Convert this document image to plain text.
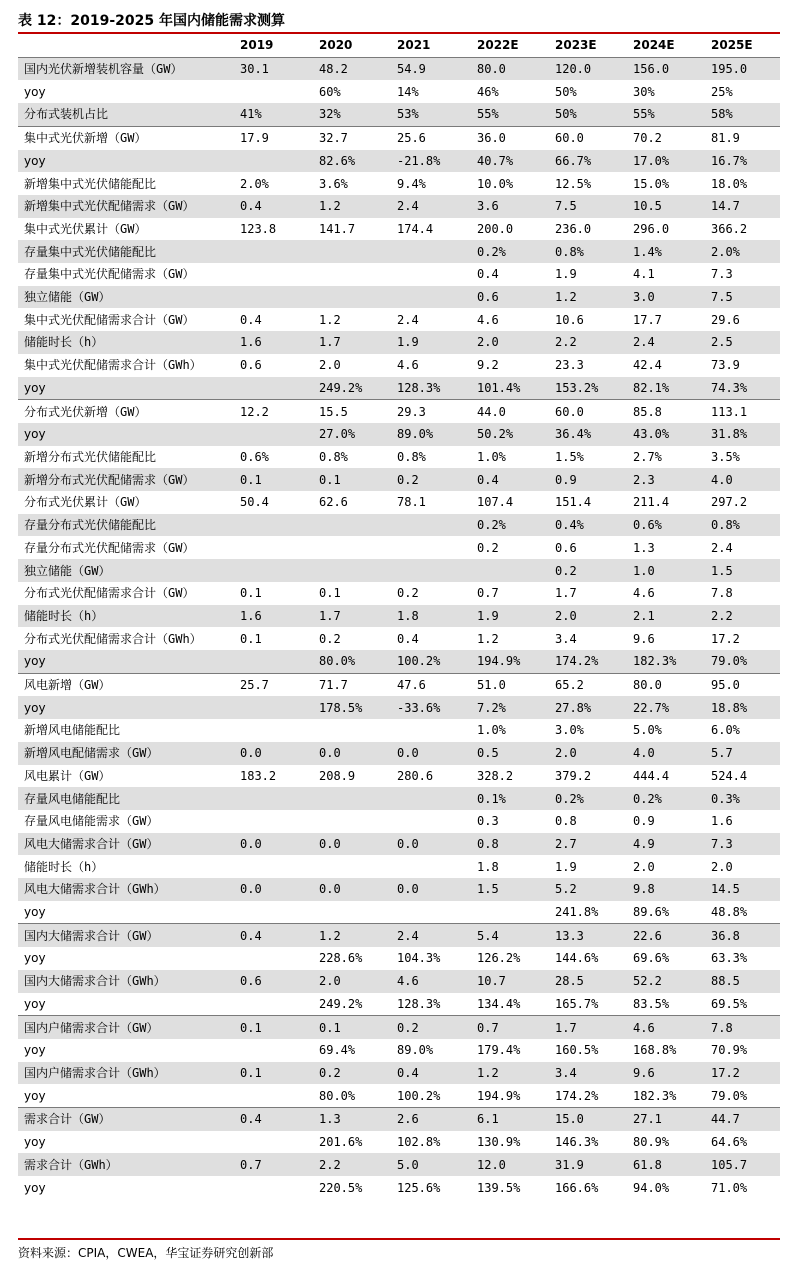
表 12：2019-2025 年国内储能需求测算
	2019	2020	2021	2022E	2023E	2024E	2025E
国内光伏新增装机容量（GW）	30.1	48.2	54.9	80.0	120.0	156.0	195.0
yoy		60%	14%	46%	50%	30%	25%
分布式装机占比	41%	32%	53%	55%	50%	55%	58%
集中式光伏新增（GW）	17.9	32.7	25.6	36.0	60.0	70.2	81.9
yoy		82.6%	-21.8%	40.7%	66.7%	17.0%	16.7%
新增集中式光伏储能配比	2.0%	3.6%	9.4%	10.0%	12.5%	15.0%	18.0%
新增集中式光伏配储需求（GW）	0.4	1.2	2.4	3.6	7.5	10.5	14.7
集中式光伏累计（GW）	123.8	141.7	174.4	200.0	236.0	296.0	366.2
存量集中式光伏储能配比				0.2%	0.8%	1.4%	2.0%
存量集中式光伏配储需求（GW）				0.4	1.9	4.1	7.3
独立储能（GW）				0.6	1.2	3.0	7.5
集中式光伏配储需求合计（GW）	0.4	1.2	2.4	4.6	10.6	17.7	29.6
储能时长（h）	1.6	1.7	1.9	2.0	2.2	2.4	2.5
集中式光伏配储需求合计（GWh）	0.6	2.0	4.6	9.2	23.3	42.4	73.9
yoy		249.2%	128.3%	101.4%	153.2%	82.1%	74.3%
分布式光伏新增（GW）	12.2	15.5	29.3	44.0	60.0	85.8	113.1
yoy		27.0%	89.0%	50.2%	36.4%	43.0%	31.8%
新增分布式光伏储能配比	0.6%	0.8%	0.8%	1.0%	1.5%	2.7%	3.5%
新增分布式光伏配储需求（GW）	0.1	0.1	0.2	0.4	0.9	2.3	4.0
分布式光伏累计（GW）	50.4	62.6	78.1	107.4	151.4	211.4	297.2
存量分布式光伏储能配比				0.2%	0.4%	0.6%	0.8%
存量分布式光伏配储需求（GW）				0.2	0.6	1.3	2.4
独立储能（GW）					0.2	1.0	1.5
分布式光伏配储需求合计（GW）	0.1	0.1	0.2	0.7	1.7	4.6	7.8
储能时长（h）	1.6	1.7	1.8	1.9	2.0	2.1	2.2
分布式光伏配储需求合计（GWh）	0.1	0.2	0.4	1.2	3.4	9.6	17.2
yoy		80.0%	100.2%	194.9%	174.2%	182.3%	79.0%
风电新增（GW）	25.7	71.7	47.6	51.0	65.2	80.0	95.0
yoy		178.5%	-33.6%	7.2%	27.8%	22.7%	18.8%
新增风电储能配比				1.0%	3.0%	5.0%	6.0%
新增风电配储需求（GW）	0.0	0.0	0.0	0.5	2.0	4.0	5.7
风电累计（GW）	183.2	208.9	280.6	328.2	379.2	444.4	524.4
存量风电储能配比				0.1%	0.2%	0.2%	0.3%
存量风电储能需求（GW）				0.3	0.8	0.9	1.6
风电大储需求合计（GW）	0.0	0.0	0.0	0.8	2.7	4.9	7.3
储能时长（h）				1.8	1.9	2.0	2.0
风电大储需求合计（GWh）	0.0	0.0	0.0	1.5	5.2	9.8	14.5
yoy					241.8%	89.6%	48.8%
国内大储需求合计（GW）	0.4	1.2	2.4	5.4	13.3	22.6	36.8
yoy		228.6%	104.3%	126.2%	144.6%	69.6%	63.3%
国内大储需求合计（GWh）	0.6	2.0	4.6	10.7	28.5	52.2	88.5
yoy		249.2%	128.3%	134.4%	165.7%	83.5%	69.5%
国内户储需求合计（GW）	0.1	0.1	0.2	0.7	1.7	4.6	7.8
yoy		69.4%	89.0%	179.4%	160.5%	168.8%	70.9%
国内户储需求合计（GWh）	0.1	0.2	0.4	1.2	3.4	9.6	17.2
yoy		80.0%	100.2%	194.9%	174.2%	182.3%	79.0%
需求合计（GW）	0.4	1.3	2.6	6.1	15.0	27.1	44.7
yoy		201.6%	102.8%	130.9%	146.3%	80.9%	64.6%
需求合计（GWh）	0.7	2.2	5.0	12.0	31.9	61.8	105.7
yoy		220.5%	125.6%	139.5%	166.6%	94.0%	71.0%
资料来源：CPIA，CWEA，华宝证券研究创新部
